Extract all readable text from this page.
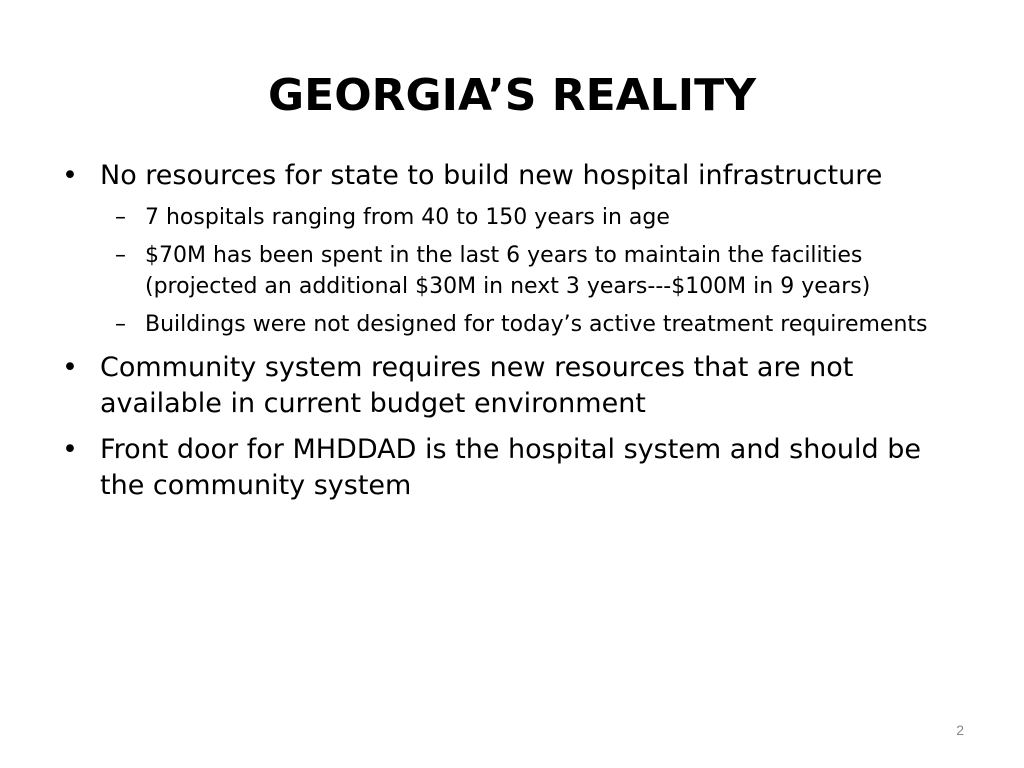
GEORGIA’S REALITY
• No resources for state to build new hospital infrastructure
– 7 hospitals ranging from 40 to 150 years in age
– $70M has been spent in the last 6 years to maintain the facilities (projected an additional $30M in next 3 years---$100M in 9 years)
– Buildings were not designed for today’s active treatment requirements
• Community system requires new resources that are not available in current budget environment
• Front door for MHDDAD is the hospital system and should be the community system
2
